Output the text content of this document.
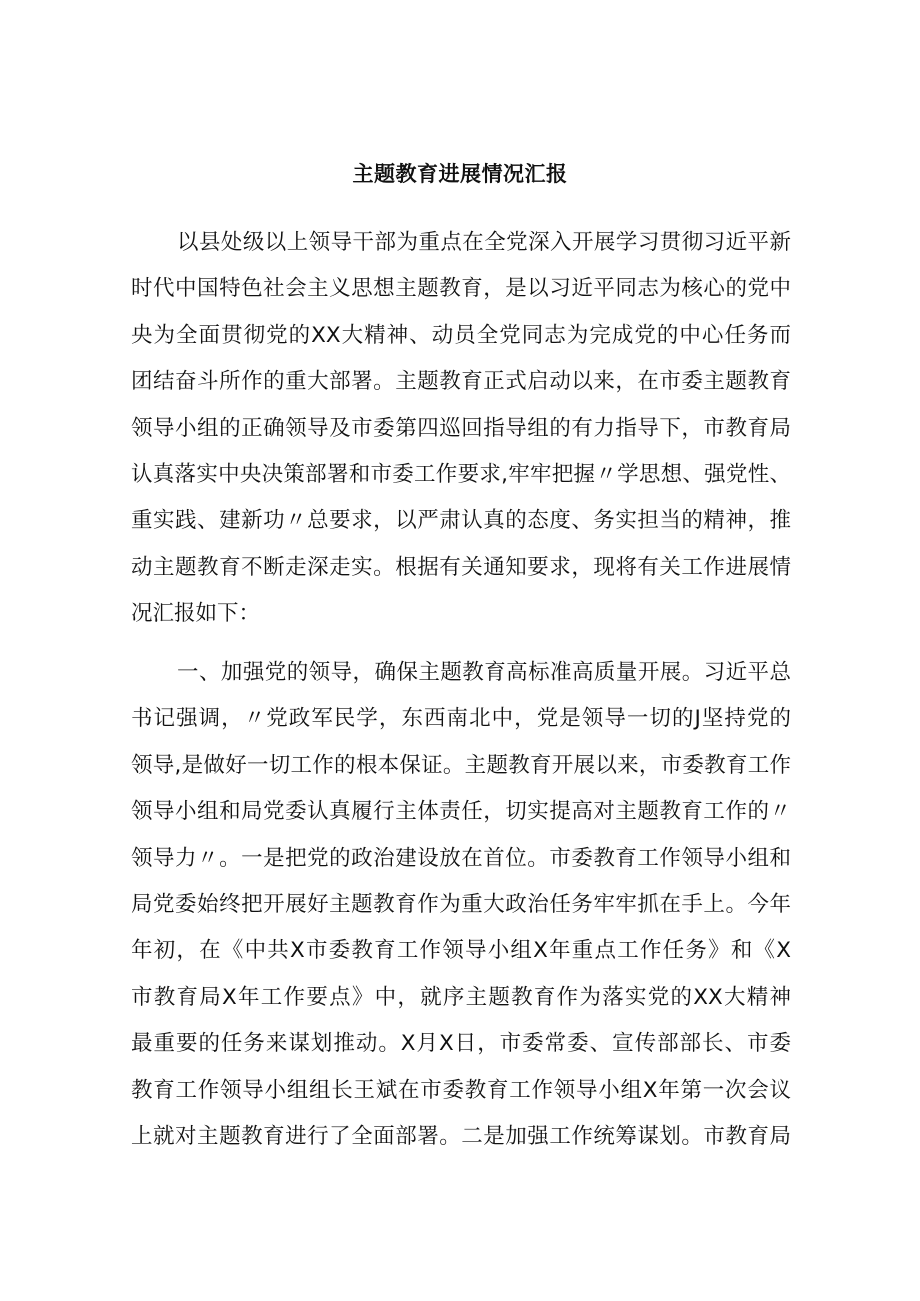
主题教育进展情况汇报
以县处级以上领导干部为重点在全党深入开展学习贯彻习近平新
时代中国特色社会主义思想主题教育，是以习近平同志为核心的党中
央为全面贯彻党的XX大精神、动员全党同志为完成党的中心任务而
团结奋斗所作的重大部署。主题教育正式启动以来，在市委主题教育
领导小组的正确领导及市委第四巡回指导组的有力指导下，市教育局
认真落实中央决策部署和市委工作要求,牢牢把握〃学思想、强党性、
重实践、建新功〃总要求，以严肃认真的态度、务实担当的精神，推
动主题教育不断走深走实。根据有关通知要求，现将有关工作进展情
况汇报如下：
一、加强党的领导，确保主题教育高标准高质量开展。习近平总
书记强调，〃党政军民学，东西南北中，党是领导一切的J坚持党的
领导,是做好一切工作的根本保证。主题教育开展以来，市委教育工作
领导小组和局党委认真履行主体责任，切实提高对主题教育工作的〃
领导力〃。一是把党的政治建设放在首位。市委教育工作领导小组和
局党委始终把开展好主题教育作为重大政治任务牢牢抓在手上。今年
年初，在《中共X市委教育工作领导小组X年重点工作任务》和《X
市教育局X年工作要点》中，就序主题教育作为落实党的XX大精神
最重要的任务来谋划推动。X月X日，市委常委、宣传部部长、市委
教育工作领导小组组长王斌在市委教育工作领导小组X年第一次会议
上就对主题教育进行了全面部署。二是加强工作统筹谋划。市教育局
